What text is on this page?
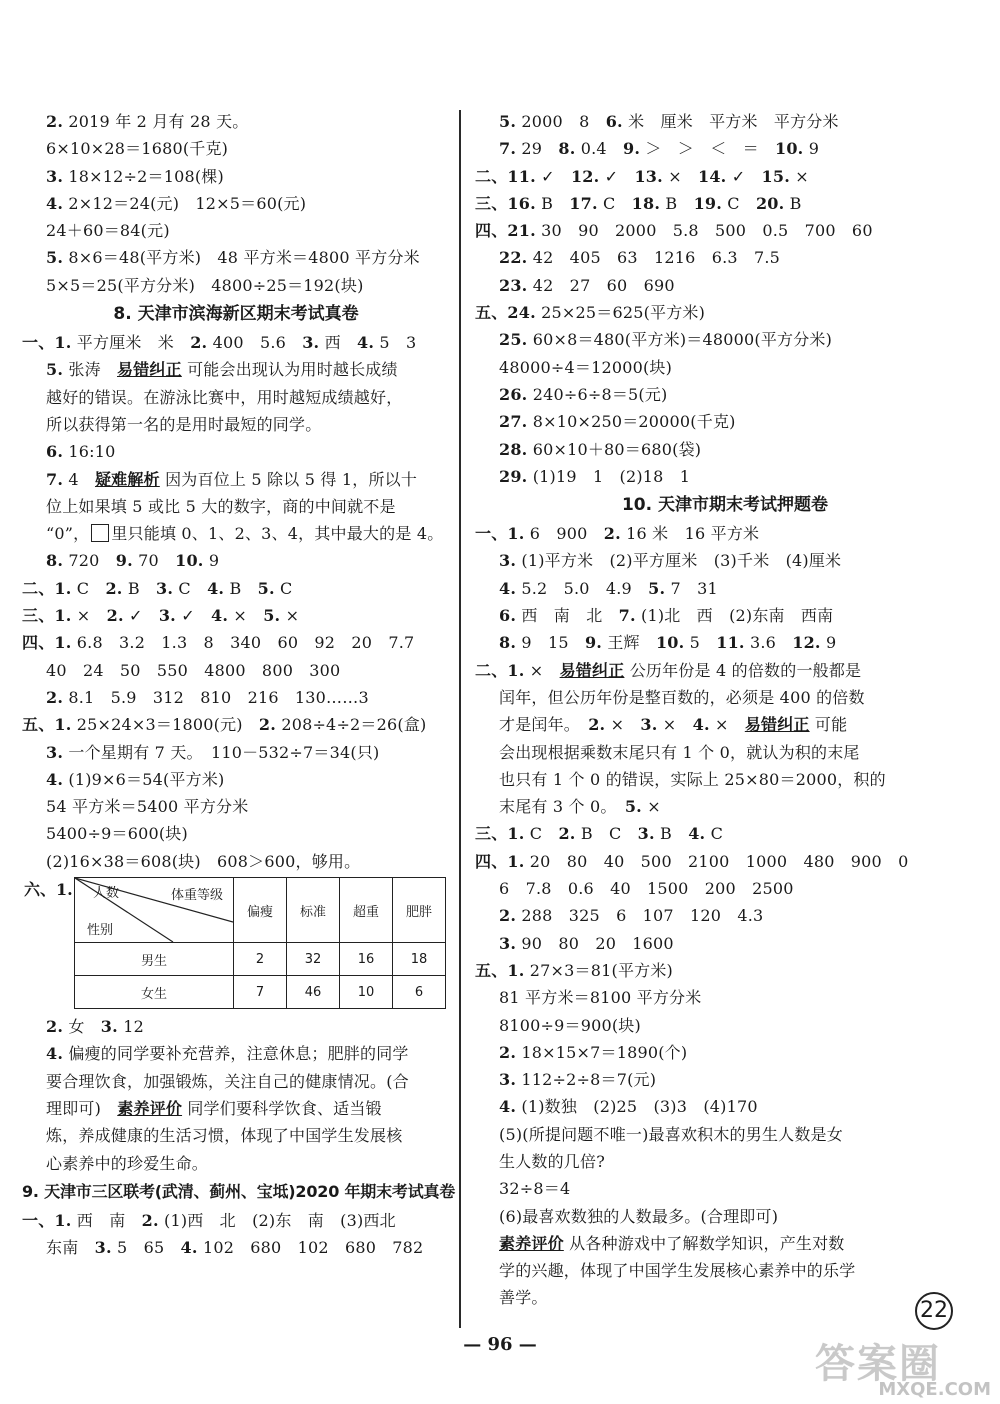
2. 2019 年 2 月有 28 天。
6×10×28＝1680(千克)
3. 18×12÷2＝108(棵)
4. 2×12＝24(元)　12×5＝60(元)
24＋60＝84(元)
5. 8×6＝48(平方米)　48 平方米＝4800 平方分米
5×5＝25(平方分米)　4800÷25＝192(块)
8. 天津市滨海新区期末考试真卷
一、1. 平方厘米　米　2. 400　5.6　3. 西　4. 5　3
5. 张涛　易错纠正 可能会出现认为用时越长成绩
越好的错误。在游泳比赛中，用时越短成绩越好，
所以获得第一名的是用时最短的同学。
6. 16:10
7. 4　疑难解析 因为百位上 5 除以 5 得 1，所以十
位上如果填 5 或比 5 大的数字，商的中间就不是
“0”， 里只能填 0、1、2、3、4，其中最大的是 4。
8. 720　9. 70　10. 9
二、1. C　2. B　3. C　4. B　5. C
三、1. ×　2. ✓　3. ✓　4. ×　5. ×
四、1. 6.8　3.2　1.3　8　340　60　92　20　7.7
40　24　50　550　4800　800　300
2. 8.1　5.9　312　810　216　130……3
五、1. 25×24×3＝1800(元)　2. 208÷4÷2＝26(盒)
3. 一个星期有 7 天。　110－532÷7＝34(只)
4. (1)9×6＝54(平方米)
54 平方米＝5400 平方分米
5400÷9＝600(块)
(2)16×38＝608(块)　608＞600，够用。
六、1.	体重等级
人数
性别	偏瘦	标准	超重	肥胖
男生	2	32	16	18
女生	7	46	10	6
2. 女　3. 12
4. 偏瘦的同学要补充营养，注意休息；肥胖的同学
要合理饮食，加强锻炼，关注自己的健康情况。(合
理即可)　素养评价 同学们要科学饮食、适当锻
炼，养成健康的生活习惯，体现了中国学生发展核
心素养中的珍爱生命。
9. 天津市三区联考(武清、蓟州、宝坻)2020 年期末考试真卷
一、1. 西　南　2. (1)西　北　(2)东　南　(3)西北
东南　3. 5　65　4. 102　680　102　680　782
5. 2000　8　6. 米　厘米　平方米　平方分米
7. 29　8. 0.4　9. ＞　＞　＜　＝　10. 9
二、11. ✓　12. ✓　13. ×　14. ✓　15. ×
三、16. B　17. C　18. B　19. C　20. B
四、21. 30　90　2000　5.8　500　0.5　700　60
22. 42　405　63　1216　6.3　7.5
23. 42　27　60　690
五、24. 25×25＝625(平方米)
25. 60×8＝480(平方米)＝48000(平方分米)
48000÷4＝12000(块)
26. 240÷6÷8＝5(元)
27. 8×10×250＝20000(千克)
28. 60×10＋80＝680(袋)
29. (1)19　1　(2)18　1
10. 天津市期末考试押题卷
一、1. 6　900　2. 16 米　16 平方米
3. (1)平方米　(2)平方厘米　(3)千米　(4)厘米
4. 5.2　5.0　4.9　5. 7　31
6. 西　南　北　7. (1)北　西　(2)东南　西南
8. 9　15　9. 王辉　10. 5　11. 3.6　12. 9
二、1. ×　易错纠正 公历年份是 4 的倍数的一般都是
闰年，但公历年份是整百数的，必须是 400 的倍数
才是闰年。　2. ×　3. ×　4. ×　易错纠正 可能
会出现根据乘数末尾只有 1 个 0，就认为积的末尾
也只有 1 个 0 的错误，实际上 25×80＝2000，积的
末尾有 3 个 0。　5. ×
三、1. C　2. B　C　3. B　4. C
四、1. 20　80　40　500　2100　1000　480　900　0
6　7.8　0.6　40　1500　200　2500
2. 288　325　6　107　120　4.3
3. 90　80　20　1600
五、1. 27×3＝81(平方米)
81 平方米＝8100 平方分米
8100÷9＝900(块)
2. 18×15×7＝1890(个)
3. 112÷2÷8＝7(元)
4. (1)数独　(2)25　(3)3　(4)170
(5)(所提问题不唯一)最喜欢积木的男生人数是女
生人数的几倍?
32÷8＝4
(6)最喜欢数独的人数最多。(合理即可)
素养评价 从各种游戏中了解数学知识，产生对数
学的兴趣，体现了中国学生发展核心素养中的乐学
善学。
22
— 96 —	答案圈
MXQE.COM
